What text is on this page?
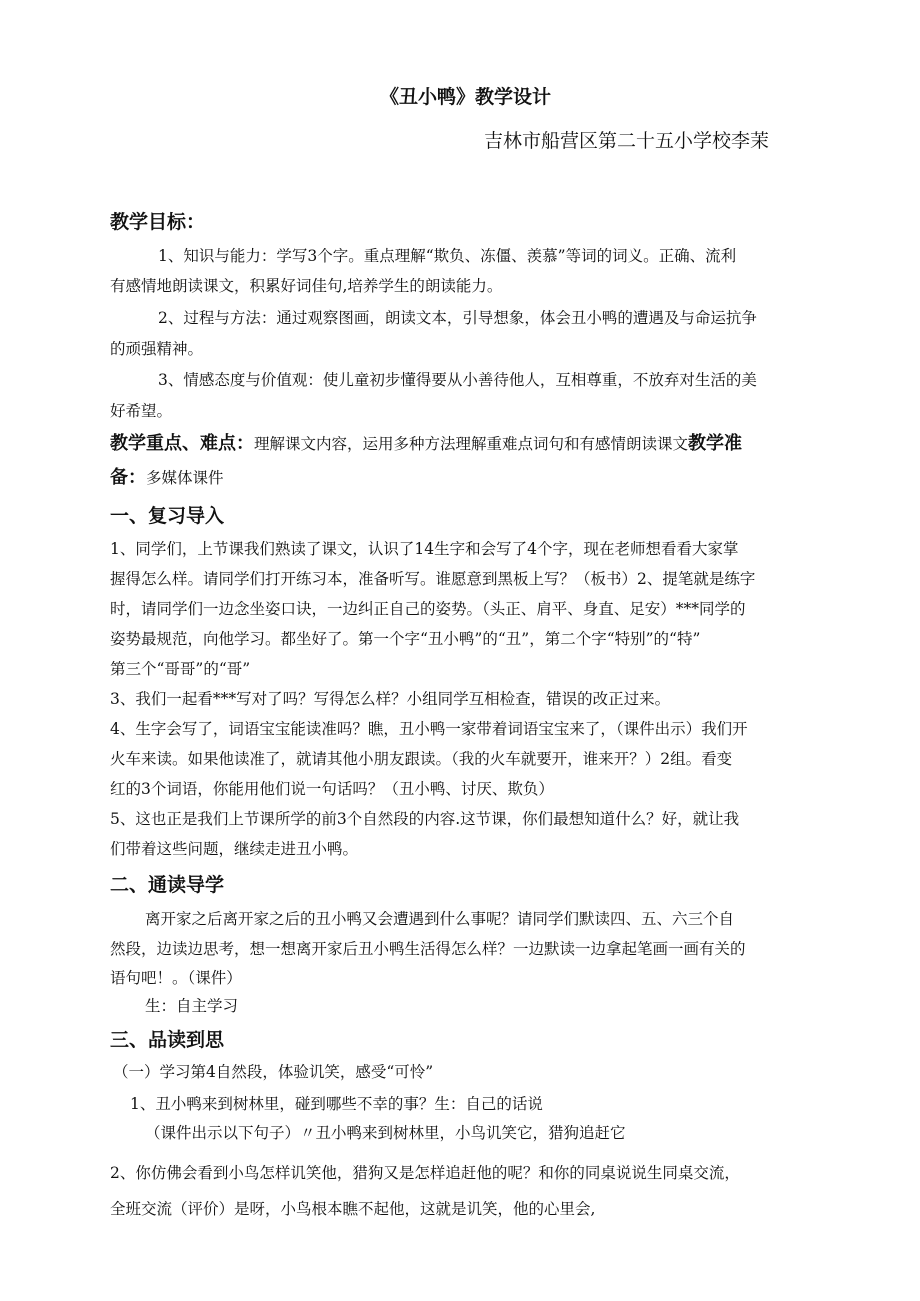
《丑小鸭》教学设计
吉林市船营区第二十五小学校李茉
教学目标：
1、知识与能力：学写3个字。重点理解“欺负、冻僵、羡慕”等词的词义。正确、流利
有感情地朗读课文，积累好词佳句,培养学生的朗读能力。
2、过程与方法：通过观察图画，朗读文本，引导想象，体会丑小鸭的遭遇及与命运抗争
的顽强精神。
3、情感态度与价值观：使儿童初步懂得要从小善待他人，互相尊重，不放弃对生活的美
好希望。
教学重点、难点：理解课文内容，运用多种方法理解重难点词句和有感情朗读课文教学准
备：多媒体课件
一、复习导入
1、同学们，上节课我们熟读了课文，认识了14生字和会写了4个字，现在老师想看看大家掌
握得怎么样。请同学们打开练习本，准备听写。谁愿意到黑板上写？（板书）2、提笔就是练字
时，请同学们一边念坐姿口诀，一边纠正自己的姿势。（头正、肩平、身直、足安）***同学的
姿势最规范，向他学习。都坐好了。第一个字“丑小鸭”的“丑”，第二个字“特别”的“特”
第三个“哥哥”的“哥”
3、我们一起看***写对了吗？写得怎么样？小组同学互相检查，错误的改正过来。
4、生字会写了，词语宝宝能读准吗？瞧，丑小鸭一家带着词语宝宝来了，（课件出示）我们开
火车来读。如果他读准了，就请其他小朋友跟读。（我的火车就要开，谁来开？）2组。看变
红的3个词语，你能用他们说一句话吗？（丑小鸭、讨厌、欺负）
5、这也正是我们上节课所学的前3个自然段的内容.这节课，你们最想知道什么？好，就让我
们带着这些问题，继续走进丑小鸭。
二、通读导学
离开家之后离开家之后的丑小鸭又会遭遇到什么事呢？请同学们默读四、五、六三个自
然段，边读边思考，想一想离开家后丑小鸭生活得怎么样？一边默读一边拿起笔画一画有关的
语句吧！。（课件）
生：自主学习
三、品读到思
（一）学习第4自然段，体验讥笑，感受“可怜”
1、丑小鸭来到树林里，碰到哪些不幸的事？生：自己的话说
（课件出示以下句子）〃丑小鸭来到树林里，小鸟讥笑它，猎狗追赶它
2、你仿佛会看到小鸟怎样讥笑他，猎狗又是怎样追赶他的呢？和你的同桌说说生同桌交流，
全班交流（评价）是呀，小鸟根本瞧不起他，这就是讥笑，他的心里会,
